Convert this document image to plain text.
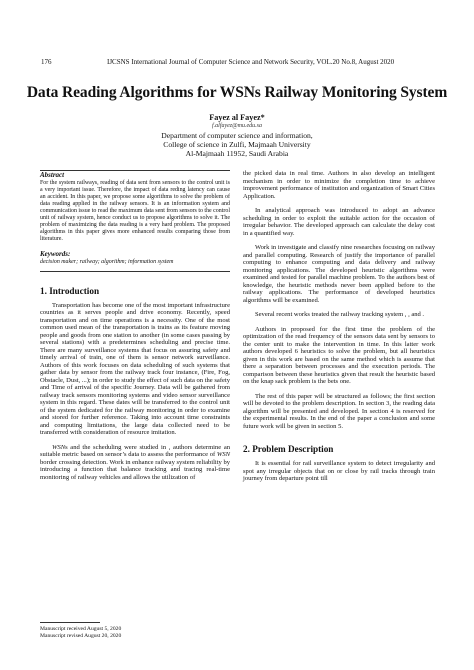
176	IJCSNS International Journal of Computer Science and Network Security, VOL.20 No.8, August 2020
Data Reading Algorithms for WSNs Railway Monitoring System
Fayez al Fayez*
f.alfayez@mu.edu.sa
Department of computer science and information,
College of science in Zulfi, Majmaah University
Al-Majmaah 11952, Saudi Arabia
Abstract

For the system railways, reading of data sent from sensors to the control unit is a very important issue. Therefore, the impact of data reding latency can cause an accident. In this paper, we propose some algorithms to solve the problem of data reading applied in the railway sensors. It is an information system and communication issue to read the maximum data sent from sensors to the control unit of railway system, hence conduct us to propose algorithms to solve it. The problem of maximizing the data reading is a very hard problem. The proposed algorithms in this paper gives more enhanced results comparing those from literature.

Keywords:

decision maker; railway; algorithm; information system

1. Introduction

Transportation has become one of the most important infrastructure countries as it serves people and drive economy. Recently, speed transportation and on time operations is a necessity. One of the most common used mean of the transportation is trains as its feature moving people and goods from one station to another (in some cases passing by several stations) with a predetermines scheduling and precise time. There are many surveillance systems that focus on assuring safety and timely arrival of train, one of them is sensor network surveillance. Authors of this work focuses on data scheduling of such systems that gather data by sensor from the railway track four instance, (Fire, Fog, Obstacle, Dust, ...); in order to study the effect of such data on the safety and Time of arrival of the specific Journey. Data will be gathered from railway track sensors monitoring systems and video sensor surveillance system in this regard. These dates will be transferred to the control unit of the system dedicated for the railway monitoring in order to examine and stored for further reference. Taking into account time constraints and computing limitations, the large data collected need to be transferred with consideration of resource imitation.

WSNs and the scheduling were studied in , authors determine an suitable metric based on sensor’s data to assess the performance of WSN border crossing detection. Work in enhance railway system reliability by introducing a function that balance tracking and tracing real-time monitoring of railway vehicles and allows the utilization of

the picked data in real time. Authors in also develop an intelligent mechanism in order to minimize the completion time to achieve improvement performance of institution and organization of Smart Cities Application.

In analytical approach was introduced to adopt an advance scheduling in order to exploit the suitable action for the occasion of irregular behavior. The developed approach can calculate the delay cost in a quantified way.

Work in investigate and classify nine researches focusing on railway and parallel computing. Research of justify the importance of parallel computing to enhance computing and data delivery and railway monitoring applications. The developed heuristic algorithms were examined and tested for parallel machine problem. To the authors best of knowledge, the heuristic methods never been applied before to the railway applications. The performance of developed heuristics algorithms will be examined.

Several recent works treated the railway tracking system , , and .

Authors in proposed for the first time the problem of the optimization of the read frequency of the sensors data sent by sensors to the center unit to make the intervention in time. In this latter work authors developed 6 heuristics to solve the problem, but all heuristics given in this work are based on the same method which is assume that there a separation between processes and the execution periods. The comparison between these heuristics given that result the heuristic based on the knap sack problem is the bets one.

The rest of this paper will be structured as follows; the first section will be devoted to the problem description. In section 3, the reading data algorithm will be presented and developed. In section 4 is reserved for the experimental results. In the end of the paper a conclusion and some future work will be given in section 5.

2. Problem Description

It is essential for rail surveillance system to detect irregularity and spot any irregular objects that on or close by rail tracks through train journey from departure point till

Manuscript received August 5, 2020
Manuscript revised August 20, 2020
